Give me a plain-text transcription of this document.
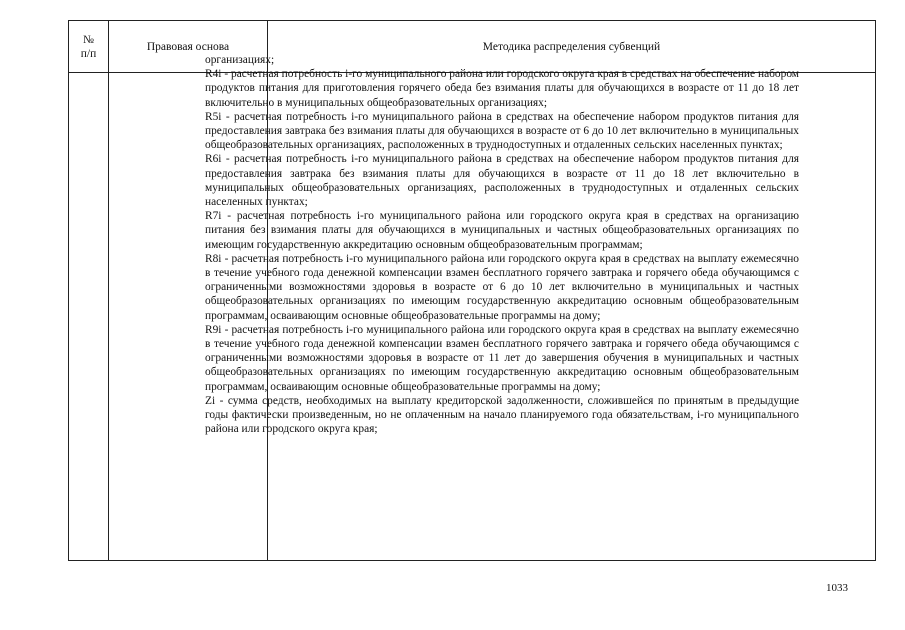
№
п/п
Правовая основа	Методика распределения субвенций

организациях;

R4i - расчетная потребность i-го муниципального района или городского округа края в средствах на обеспечение набором продуктов питания для приготовления горячего обеда без взимания платы для обучающихся в возрасте от 11 до 18 лет включительно в муниципальных общеобразовательных организациях;

R5i - расчетная потребность i-го муниципального района в средствах на обеспечение набором продуктов питания для предоставления завтрака без взимания платы для обучающихся в возрасте от 6 до 10 лет включительно в муниципальных общеобразовательных организациях, расположенных в труднодоступных и отдаленных сельских населенных пунктах;

R6i - расчетная потребность i-го муниципального района в средствах на обеспечение набором продуктов питания для предоставления завтрака без взимания платы для обучающихся в возрасте от 11 до 18 лет включительно в муниципальных общеобразовательных организациях, расположенных в труднодоступных и отдаленных сельских населенных пунктах;

R7i - расчетная потребность i-го муниципального района или городского округа края в средствах на организацию питания без взимания платы для обучающихся в муниципальных и частных общеобразовательных организациях по имеющим государственную аккредитацию основным общеобразовательным программам;

R8i - расчетная потребность i-го муниципального района или городского округа края в средствах на выплату ежемесячно в течение учебного года денежной компенсации взамен бесплатного горячего завтрака и горячего обеда обучающимся с ограниченными возможностями здоровья в возрасте от 6 до 10 лет включительно в муниципальных и частных общеобразовательных организациях по имеющим государственную аккредитацию основным общеобразовательным программам, осваивающим основные общеобразовательные программы на дому;

R9i - расчетная потребность i-го муниципального района или городского округа края в средствах на выплату ежемесячно в течение учебного года денежной компенсации взамен бесплатного горячего завтрака и горячего обеда обучающимся с ограниченными возможностями здоровья в возрасте от 11 лет до завершения обучения в муниципальных и частных общеобразовательных организациях по имеющим государственную аккредитацию основным общеобразовательным программам, осваивающим основные общеобразовательные программы на дому;

Zi - сумма средств, необходимых на выплату кредиторской задолженности, сложившейся по принятым в предыдущие годы фактически произведенным, но не оплаченным на начало планируемого года обязательствам, i-го муниципального района или городского округа края;

1033
